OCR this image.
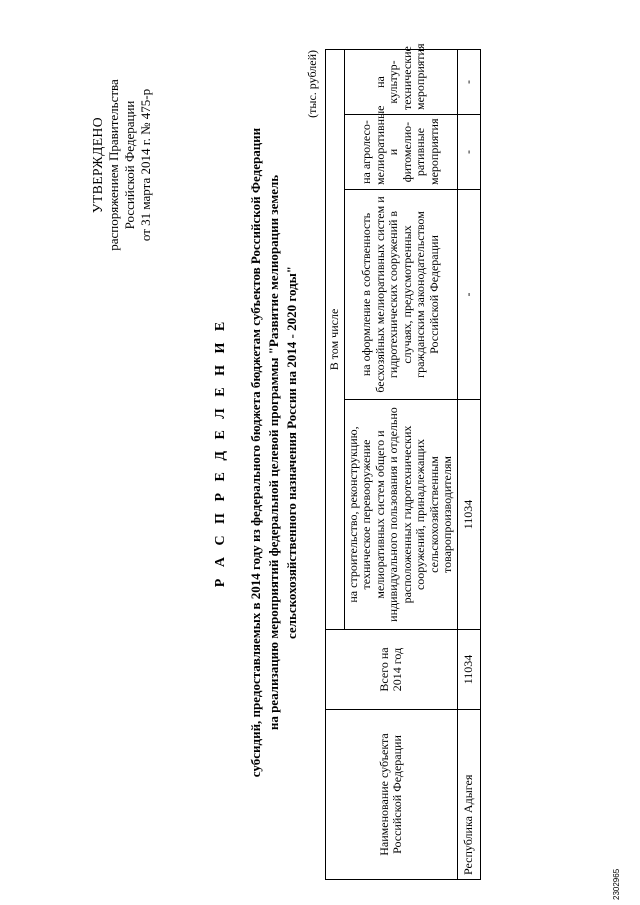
УТВЕРЖДЕНО распоряжением Правительства Российской Федерации от 31 марта 2014 г. № 475-р
Р А С П Р Е Д Е Л Е Н И Е субсидий, предоставляемых в 2014 году из федерального бюджета бюджетам субъектов Российской Федерации на реализацию мероприятий федеральной целевой программы "Развитие мелиорации земель сельскохозяйственного назначения России на 2014 - 2020 годы"
(тыс. рублей)
Наименование субъекта Российской Федерации	Всего на 2014 год	В том числе			
		на строительство, реконструкцию, техническое перевооружение мелиоративных систем общего и индивидуального пользования и отдельно расположенных гидротехнических сооружений, принадлежащих сельскохозяйственным товаропроизводителям	на оформление в собственность бесхозяйных мелиоративных систем и гидротехнических сооружений в случаях, предусмотренных гражданским законодательством Российской Федерации	на агролесо-мелиоративные и фитомелио-ративные мероприятия	на культур-технические мероприятия
Республика Адыгея	11034	11034	-	-	-
2302965
